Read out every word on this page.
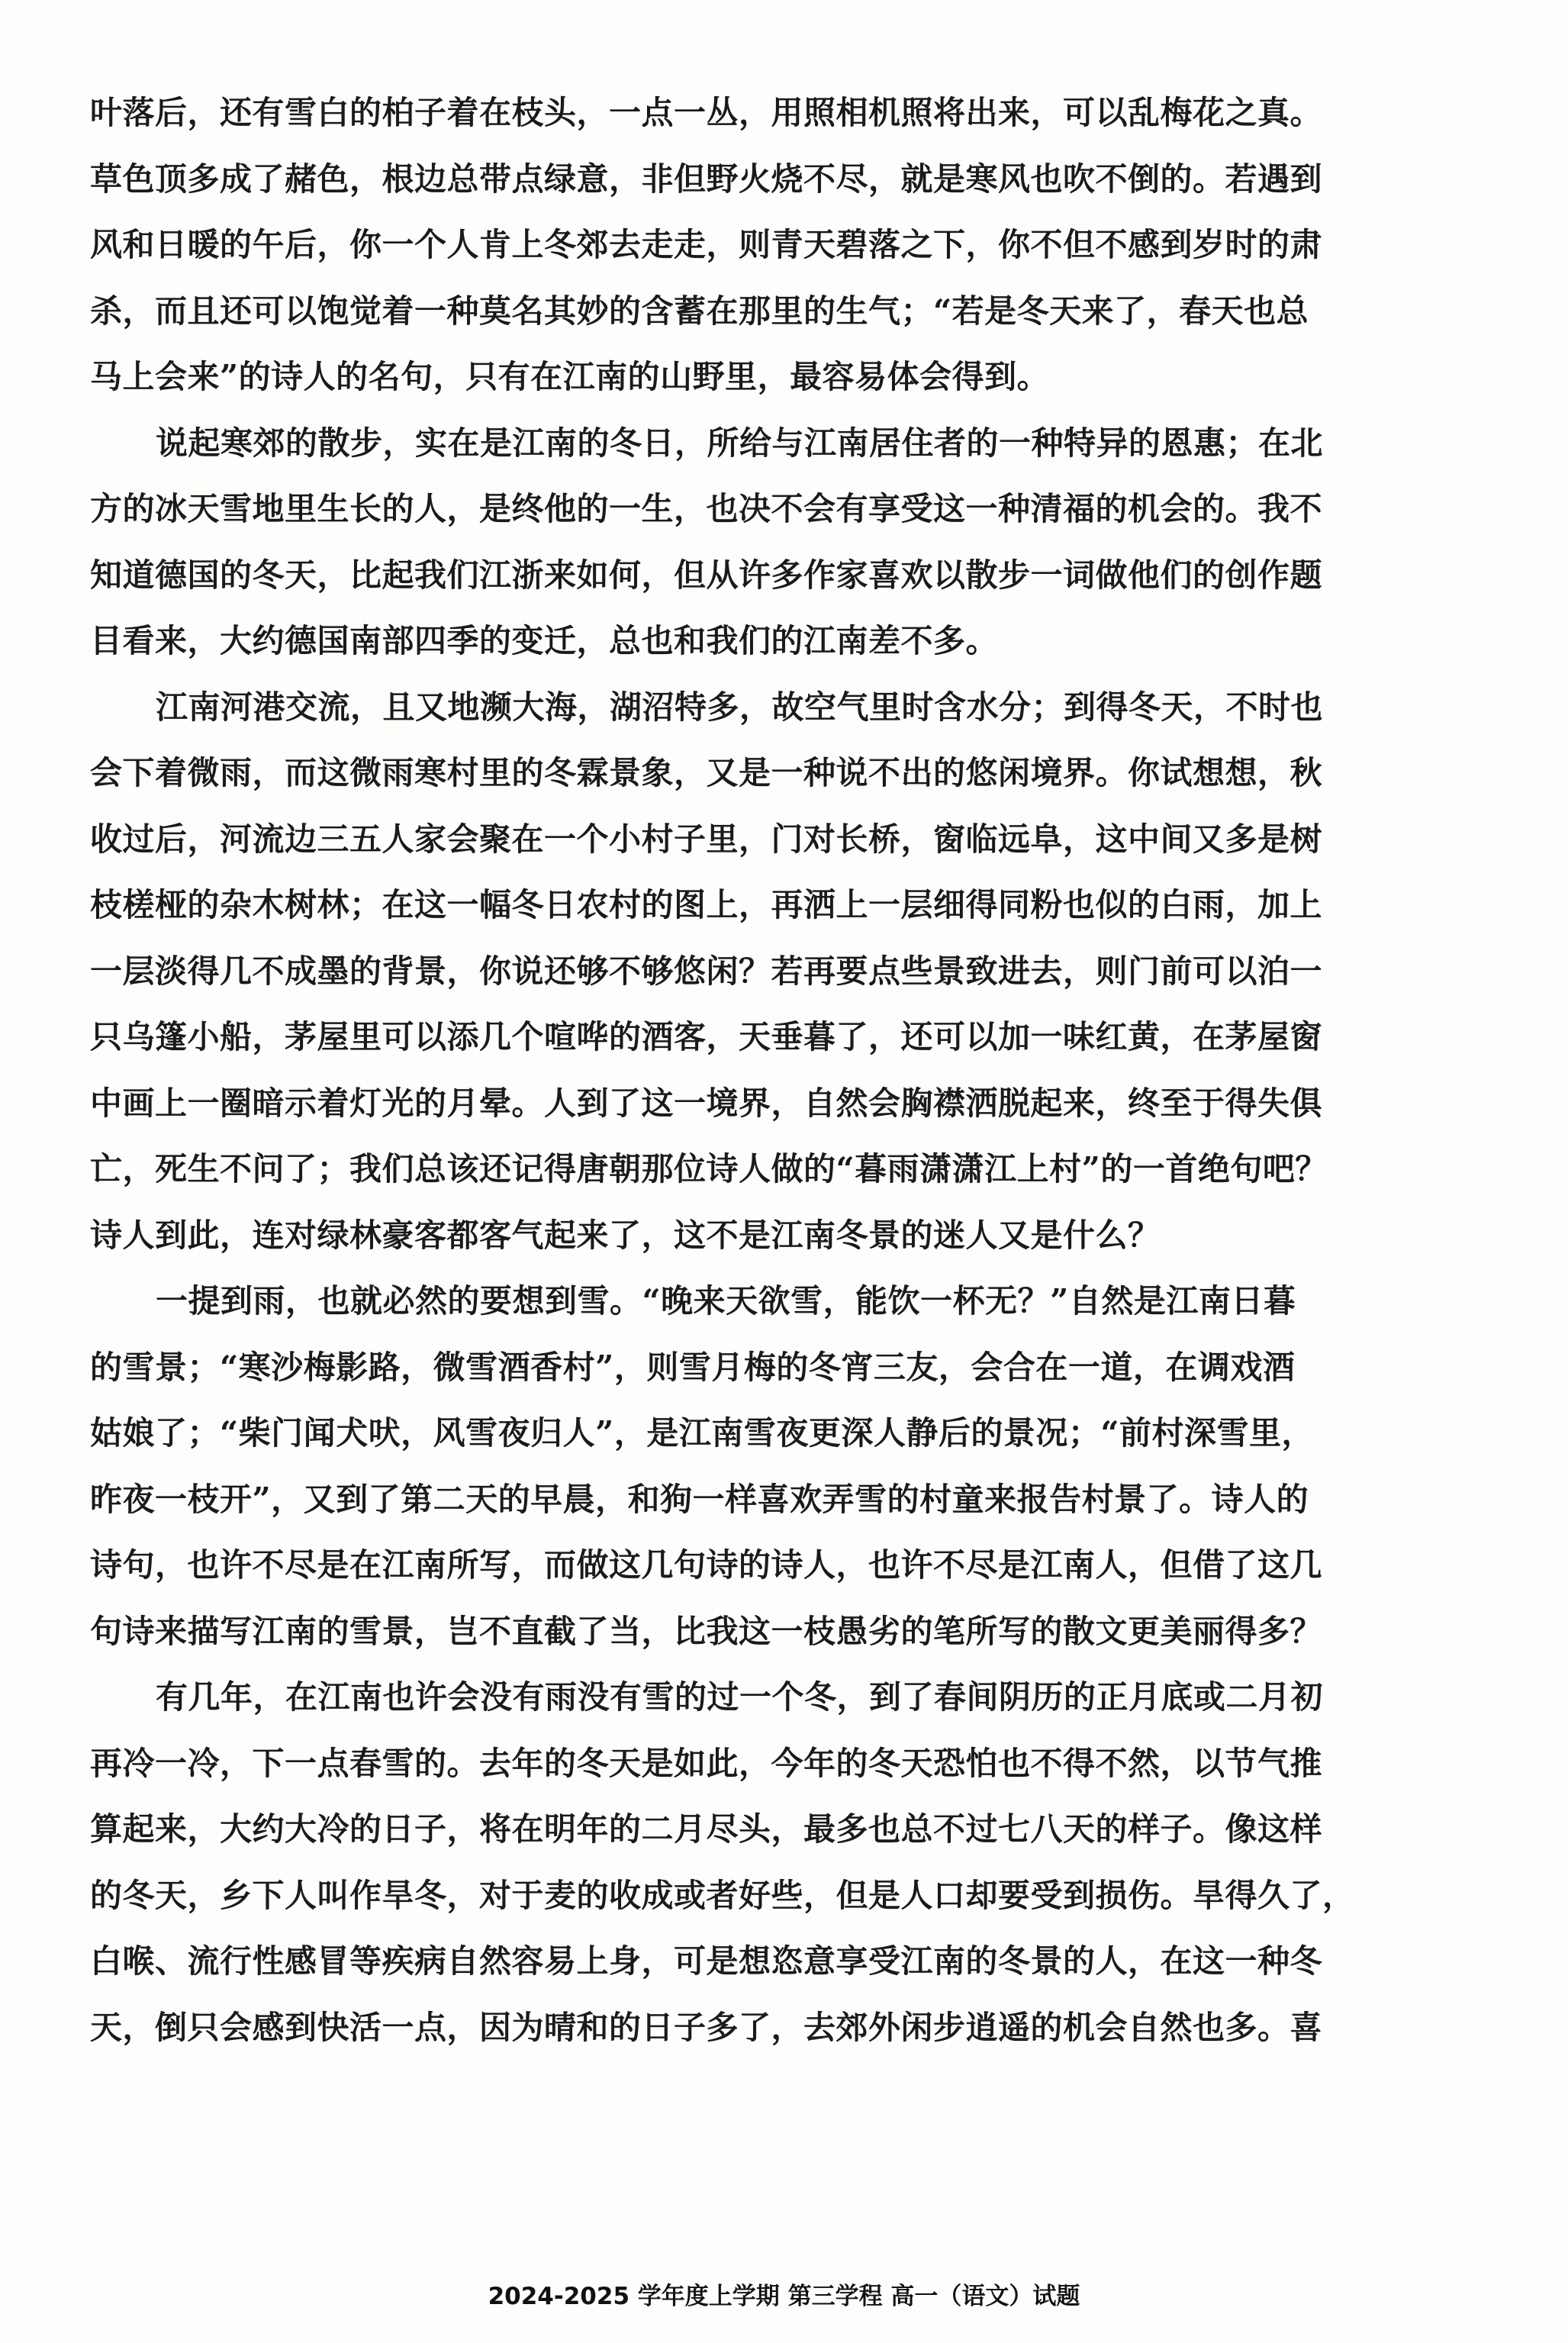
叶落后，还有雪白的柏子着在枝头，一点一丛，用照相机照将出来，可以乱梅花之真。
草色顶多成了赭色，根边总带点绿意，非但野火烧不尽，就是寒风也吹不倒的。若遇到
风和日暖的午后，你一个人肯上冬郊去走走，则青天碧落之下，你不但不感到岁时的肃
杀，而且还可以饱觉着一种莫名其妙的含蓄在那里的生气；“若是冬天来了，春天也总
马上会来”的诗人的名句，只有在江南的山野里，最容易体会得到。
说起寒郊的散步，实在是江南的冬日，所给与江南居住者的一种特异的恩惠；在北
方的冰天雪地里生长的人，是终他的一生，也决不会有享受这一种清福的机会的。我不
知道德国的冬天，比起我们江浙来如何，但从许多作家喜欢以散步一词做他们的创作题
目看来，大约德国南部四季的变迁，总也和我们的江南差不多。
江南河港交流，且又地濒大海，湖沼特多，故空气里时含水分；到得冬天，不时也
会下着微雨，而这微雨寒村里的冬霖景象，又是一种说不出的悠闲境界。你试想想，秋
收过后，河流边三五人家会聚在一个小村子里，门对长桥，窗临远阜，这中间又多是树
枝槎桠的杂木树林；在这一幅冬日农村的图上，再洒上一层细得同粉也似的白雨，加上
一层淡得几不成墨的背景，你说还够不够悠闲？若再要点些景致进去，则门前可以泊一
只乌篷小船，茅屋里可以添几个喧哗的酒客，天垂暮了，还可以加一味红黄，在茅屋窗
中画上一圈暗示着灯光的月晕。人到了这一境界，自然会胸襟洒脱起来，终至于得失俱
亡，死生不问了；我们总该还记得唐朝那位诗人做的“暮雨潇潇江上村”的一首绝句吧？
诗人到此，连对绿林豪客都客气起来了，这不是江南冬景的迷人又是什么？
一提到雨，也就必然的要想到雪。“晚来天欲雪，能饮一杯无？”自然是江南日暮
的雪景；“寒沙梅影路，微雪酒香村”，则雪月梅的冬宵三友，会合在一道，在调戏酒
姑娘了；“柴门闻犬吠，风雪夜归人”，是江南雪夜更深人静后的景况；“前村深雪里，
昨夜一枝开”，又到了第二天的早晨，和狗一样喜欢弄雪的村童来报告村景了。诗人的
诗句，也许不尽是在江南所写，而做这几句诗的诗人，也许不尽是江南人，但借了这几
句诗来描写江南的雪景，岂不直截了当，比我这一枝愚劣的笔所写的散文更美丽得多？
有几年，在江南也许会没有雨没有雪的过一个冬，到了春间阴历的正月底或二月初
再冷一冷，下一点春雪的。去年的冬天是如此，今年的冬天恐怕也不得不然，以节气推
算起来，大约大冷的日子，将在明年的二月尽头，最多也总不过七八天的样子。像这样
的冬天，乡下人叫作旱冬，对于麦的收成或者好些，但是人口却要受到损伤。旱得久了，
白喉、流行性感冒等疾病自然容易上身，可是想恣意享受江南的冬景的人，在这一种冬
天，倒只会感到快活一点，因为晴和的日子多了，去郊外闲步逍遥的机会自然也多。喜
2024-2025 学年度上学期 第三学程 高一（语文）试题
